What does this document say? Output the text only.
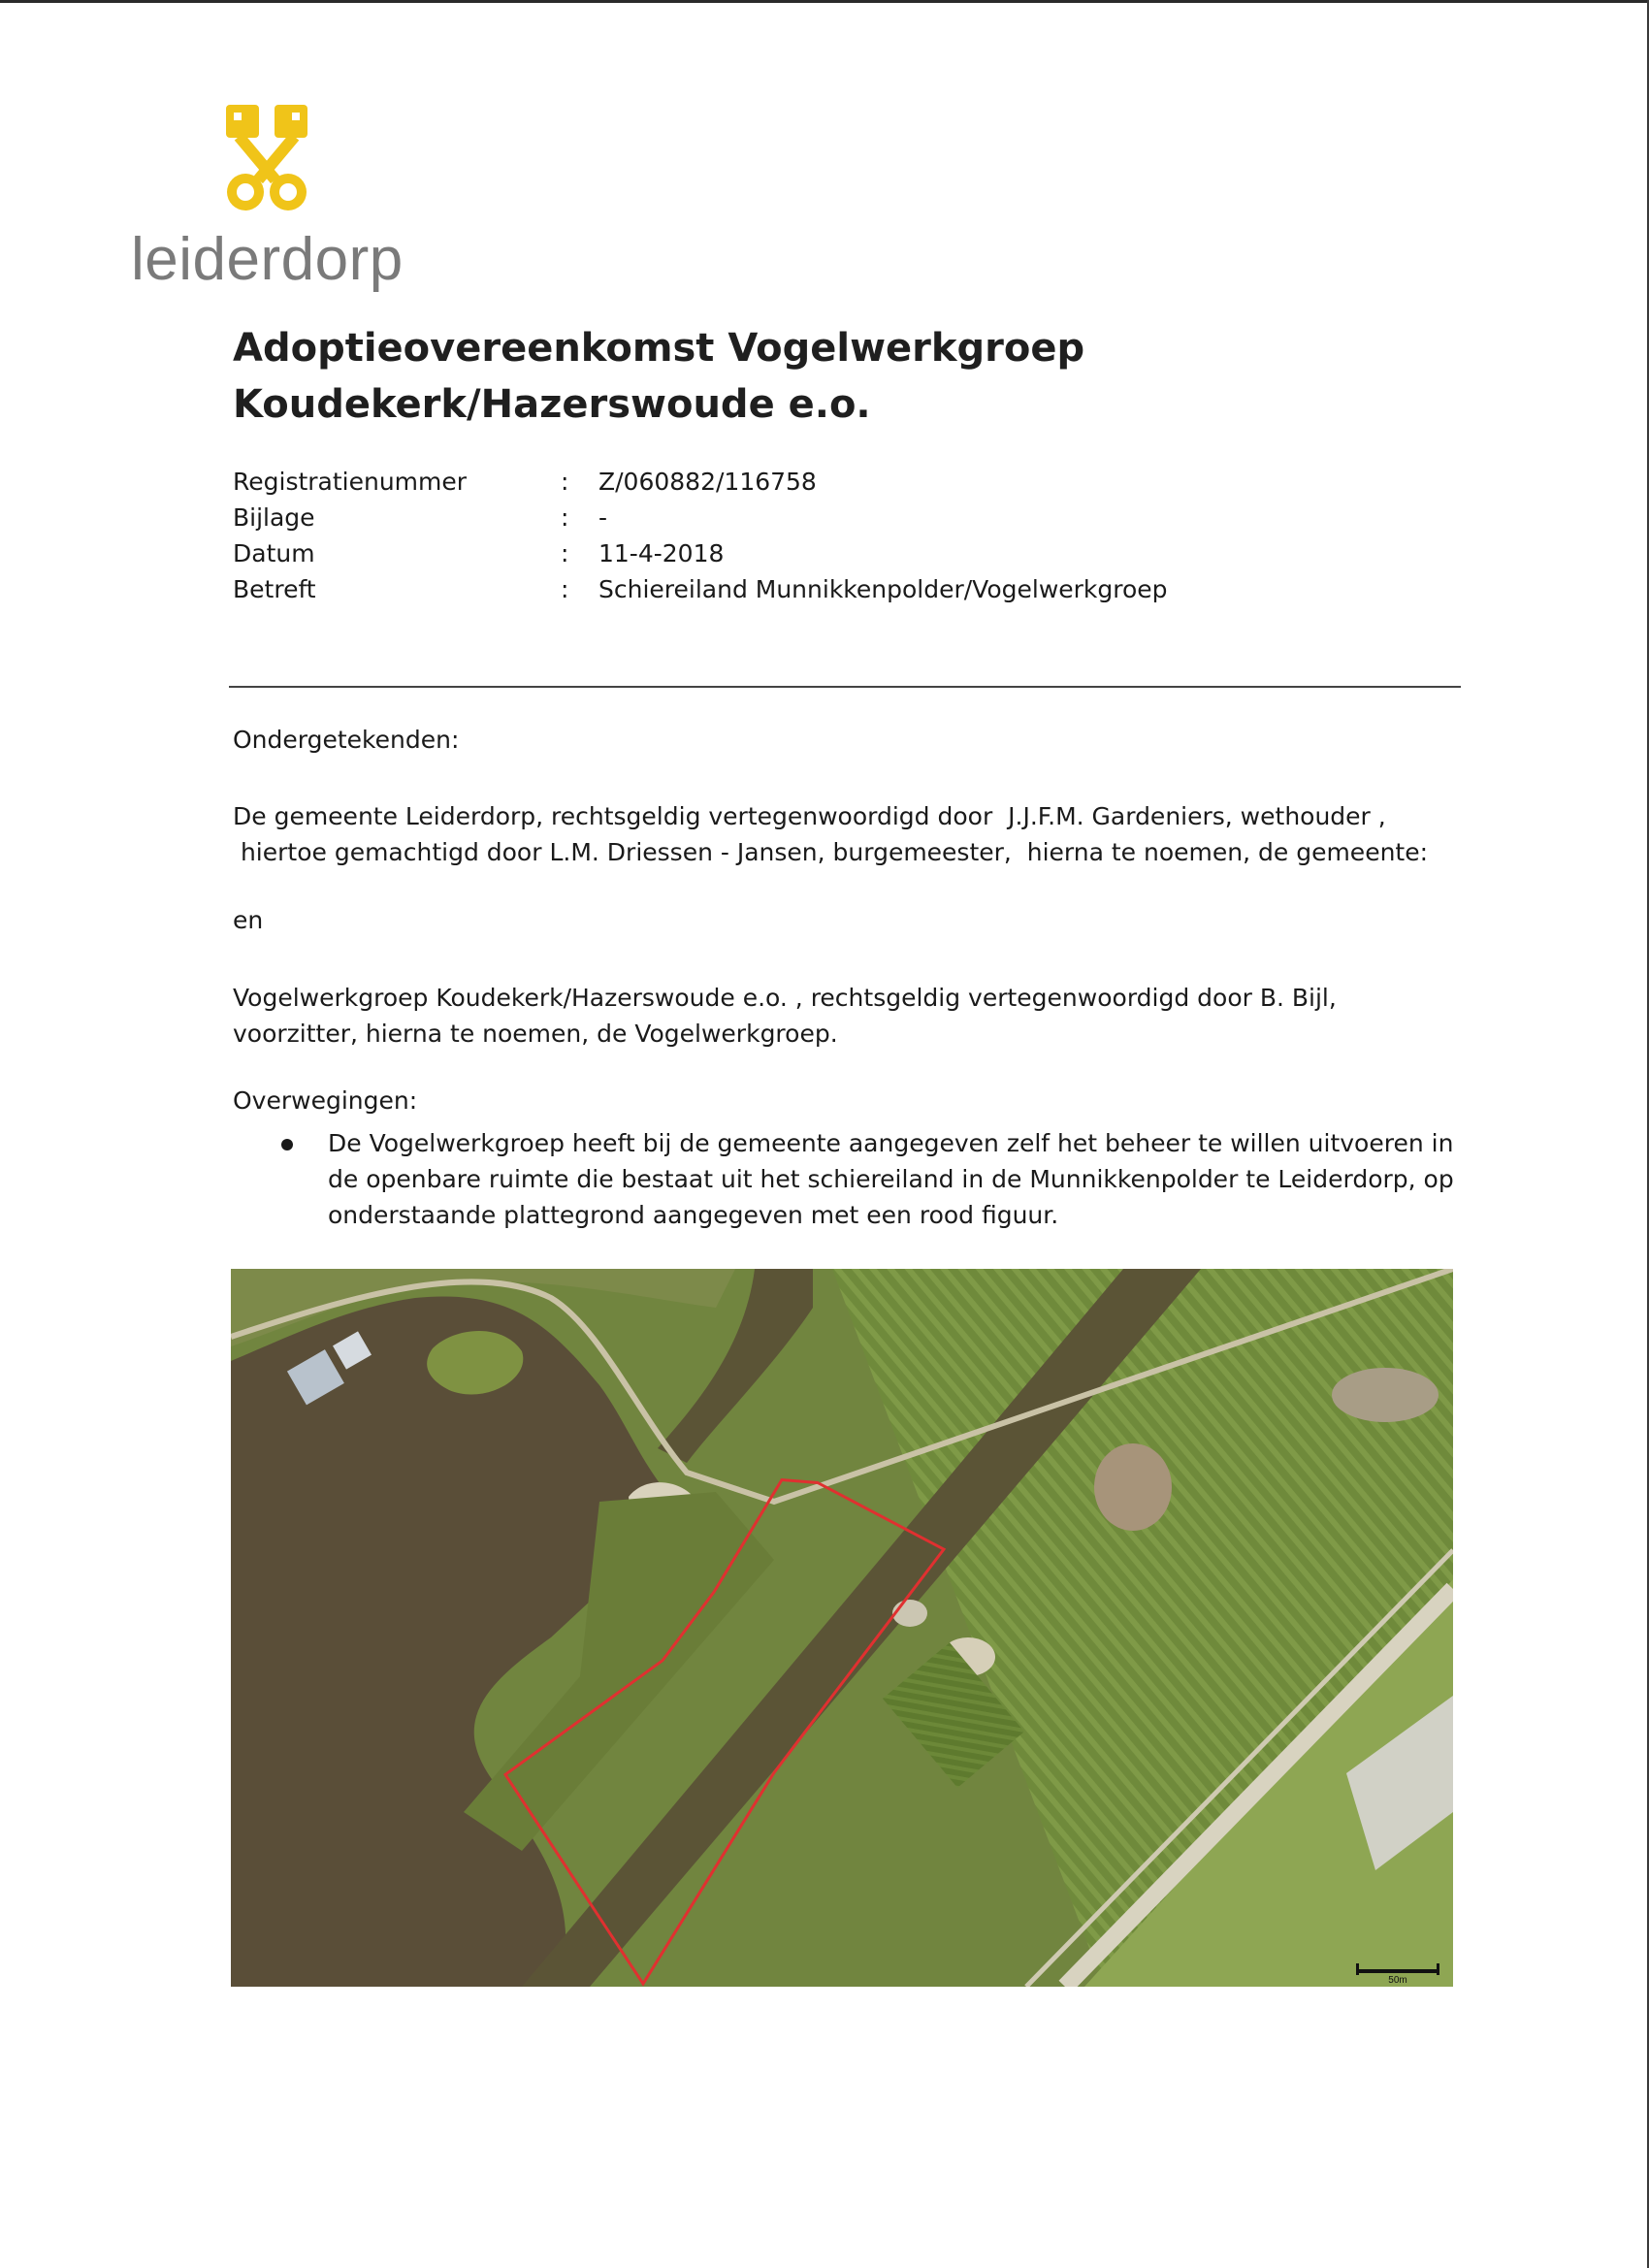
leiderdorp
Adoptieovereenkomst Vogelwerkgroep
Koudekerk/Hazerswoude e.o.
Registratienummer	:	Z/060882/116758
Bijlage	:	-
Datum	:	11-4-2018
Betreft	:	Schiereiland Munnikkenpolder/Vogelwerkgroep
Ondergetekenden:
De gemeente Leiderdorp, rechtsgeldig vertegenwoordigd door  J.J.F.M. Gardeniers, wethouder ,
hiertoe gemachtigd door L.M. Driessen - Jansen, burgemeester,  hierna te noemen, de gemeente:
en
Vogelwerkgroep Koudekerk/Hazerswoude e.o. , rechtsgeldig vertegenwoordigd door B. Bijl,
voorzitter, hierna te noemen, de Vogelwerkgroep.
Overwegingen:
De Vogelwerkgroep heeft bij de gemeente aangegeven zelf het beheer te willen uitvoeren in
de openbare ruimte die bestaat uit het schiereiland in de Munnikkenpolder te Leiderdorp, op
onderstaande plattegrond aangegeven met een rood figuur.
50m
